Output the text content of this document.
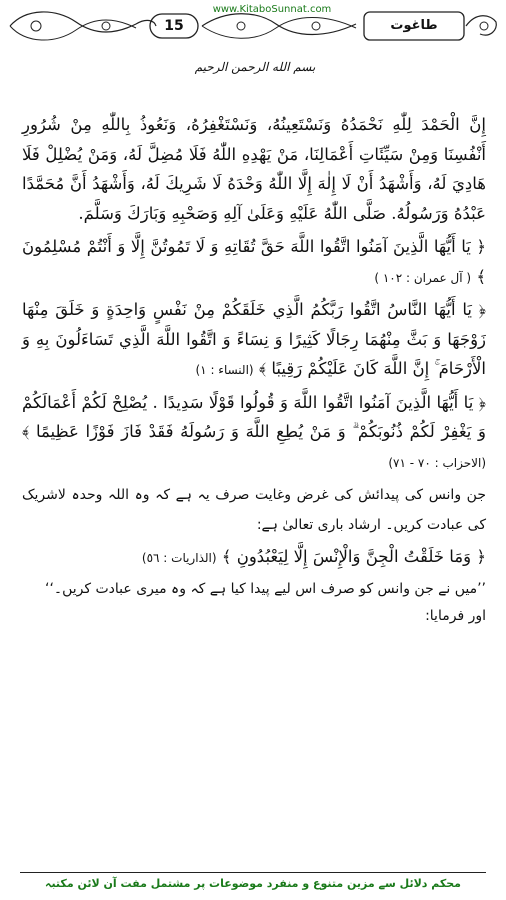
www.KitaboSunnat.com
15	طاغوت
بسم الله الرحمن الرحيم

إِنَّ الْحَمْدَ لِلّٰهِ نَحْمَدُهُ وَنَسْتَعِينُهُ، وَنَسْتَغْفِرُهُ، وَنَعُوذُ بِاللّٰهِ مِنْ شُرُورِ أَنْفُسِنَا وَمِنْ سَيِّئَاتِ أَعْمَالِنَا، مَنْ يَهْدِهِ اللّٰهُ فَلَا مُضِلَّ لَهُ، وَمَنْ يُضْلِلْ فَلَا هَادِيَ لَهُ، وَأَشْهَدُ أَنْ لَا إِلٰهَ إِلَّا اللّٰهُ وَحْدَهُ لَا شَرِيكَ لَهُ، وَأَشْهَدُ أَنَّ مُحَمَّدًا عَبْدُهُ وَرَسُولُهُ. صَلَّى اللّٰهُ عَلَيْهِ وَعَلَىٰ آلِهِ وَصَحْبِهِ وَبَارَكَ وَسَلَّمَ.

﴿ يَا أَيُّهَا الَّذِينَ آمَنُوا اتَّقُوا اللَّهَ حَقَّ تُقَاتِهِ وَ لَا تَمُوتُنَّ إِلَّا وَ أَنْتُمْ مُسْلِمُونَ ﴾ ( آل عمران : ١٠٢ )

﴿ يَا أَيُّهَا النَّاسُ اتَّقُوا رَبَّكُمُ الَّذِي خَلَقَكُمْ مِنْ نَفْسٍ وَاحِدَةٍ وَ خَلَقَ مِنْهَا زَوْجَهَا وَ بَثَّ مِنْهُمَا رِجَالًا كَثِيرًا وَ نِسَاءً وَ اتَّقُوا اللَّهَ الَّذِي تَسَاءَلُونَ بِهِ وَ الْأَرْحَامَ ۚ إِنَّ اللَّهَ كَانَ عَلَيْكُمْ رَقِيبًا ﴾ (النساء : ١)

﴿ يَا أَيُّهَا الَّذِينَ آمَنُوا اتَّقُوا اللَّهَ وَ قُولُوا قَوْلًا سَدِيدًا . يُصْلِحْ لَكُمْ أَعْمَالَكُمْ وَ يَغْفِرْ لَكُمْ ذُنُوبَكُمْ ۗ وَ مَنْ يُطِعِ اللَّهَ وَ رَسُولَهُ فَقَدْ فَازَ فَوْزًا عَظِيمًا ﴾ (الاحزاب : ٧٠ - ٧١)

جن وانس کی پیدائش کی غرض وغایت صرف یہ ہے کہ وہ اللہ وحدہ لاشریک کی عبادت کریں۔ ارشاد باری تعالیٰ ہے:

﴿ وَمَا خَلَقْتُ الْجِنَّ وَالْإِنْسَ إِلَّا لِيَعْبُدُونِ ﴾ (الذاريات : ٥٦)

’’میں نے جن وانس کو صرف اس لیے پیدا کیا ہے کہ وہ میری عبادت کریں۔‘‘

اور فرمایا:

محکم دلائل سے مزین متنوع و منفرد موضوعات پر مشتمل مفت آن لائن مکتبہ
